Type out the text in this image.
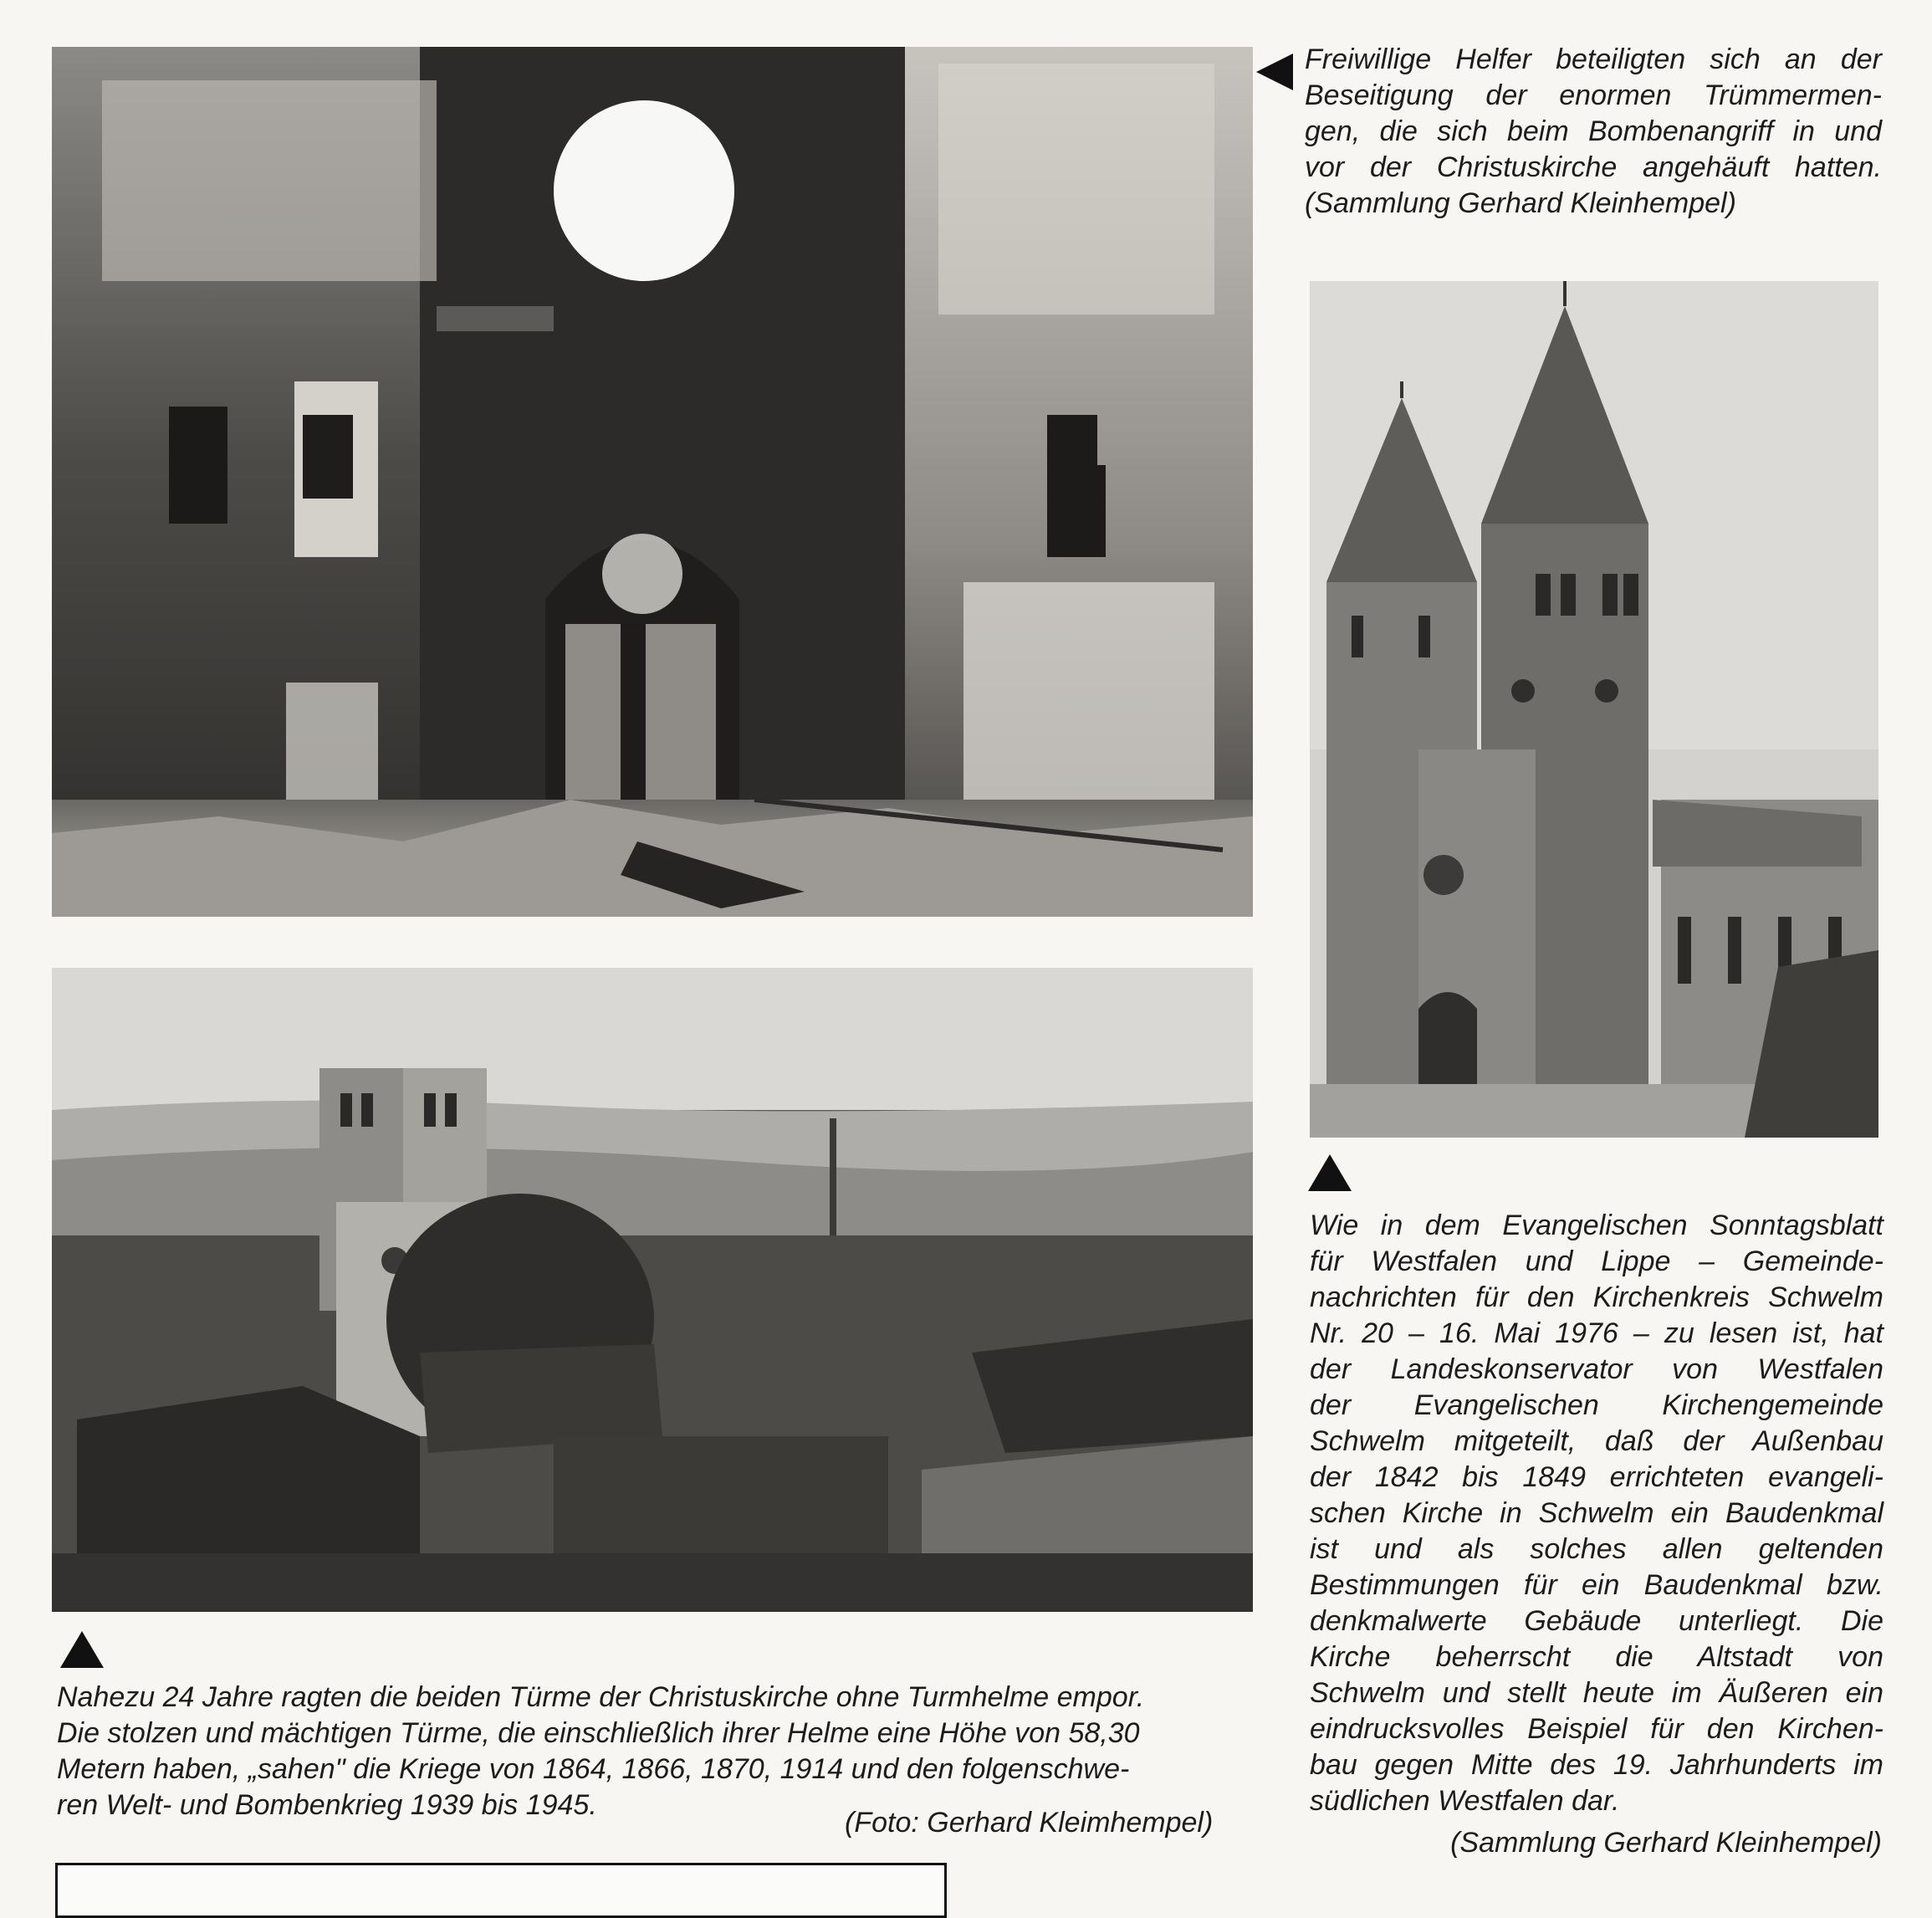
Freiwillige Helfer beteiligten sich an der
Beseitigung der enormen Trümmermen-
gen, die sich beim Bombenangriff in und
vor der Christuskirche angehäuft hatten.
(Sammlung Gerhard Kleinhempel)
Wie in dem Evangelischen Sonntagsblatt
für Westfalen und Lippe – Gemeinde-
nachrichten für den Kirchenkreis Schwelm
Nr. 20 – 16. Mai 1976 – zu lesen ist, hat
der Landeskonservator von Westfalen
der Evangelischen Kirchengemeinde
Schwelm mitgeteilt, daß der Außenbau
der 1842 bis 1849 errichteten evangeli-
schen Kirche in Schwelm ein Baudenkmal
ist und als solches allen geltenden
Bestimmungen für ein Baudenkmal bzw.
denkmalwerte Gebäude unterliegt. Die
Kirche beherrscht die Altstadt von
Schwelm und stellt heute im Äußeren ein
eindrucksvolles Beispiel für den Kirchen-
bau gegen Mitte des 19. Jahrhunderts im
südlichen Westfalen dar.
(Sammlung Gerhard Kleinhempel)
Nahezu 24 Jahre ragten die beiden Türme der Christuskirche ohne Turmhelme empor.
Die stolzen und mächtigen Türme, die einschließlich ihrer Helme eine Höhe von 58,30
Metern haben, „sahen" die Kriege von 1864, 1866, 1870, 1914 und den folgenschwe-
ren Welt- und Bombenkrieg 1939 bis 1945.
(Foto: Gerhard Kleimhempel)
